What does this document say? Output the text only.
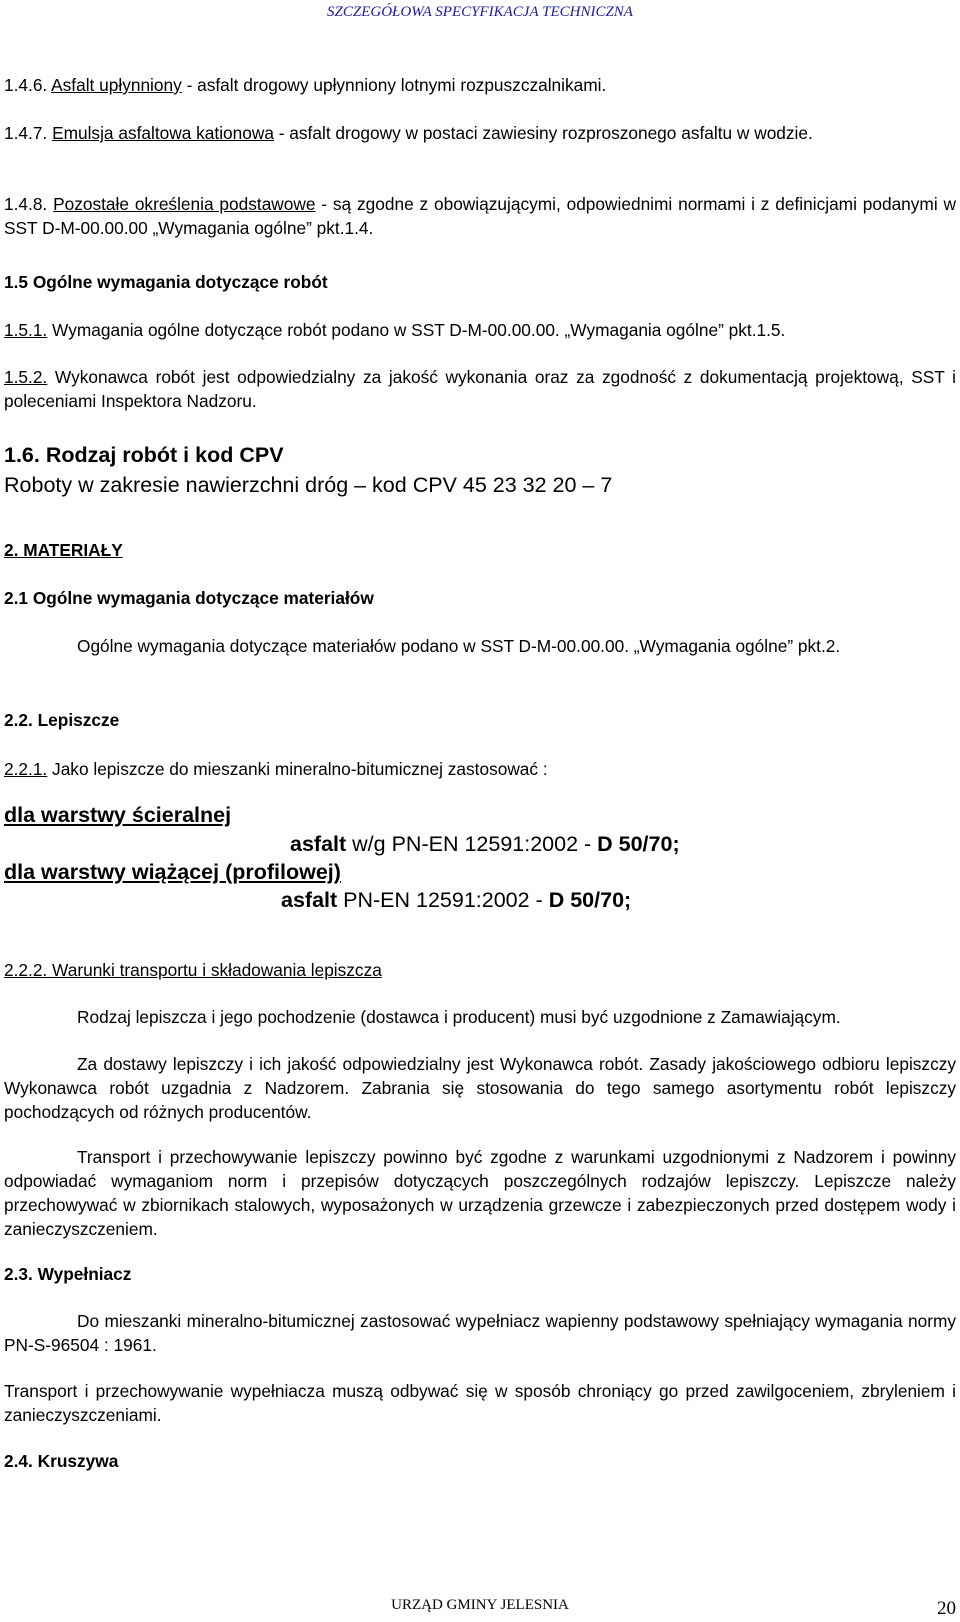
SZCZEGÓŁOWA SPECYFIKACJA TECHNICZNA

1.4.6. Asfalt upłynniony - asfalt drogowy upłynniony lotnymi rozpuszczalnikami.

1.4.7. Emulsja asfaltowa kationowa - asfalt drogowy w postaci zawiesiny rozproszonego asfaltu w wodzie.

1.4.8. Pozostałe określenia podstawowe - są zgodne z obowiązującymi, odpowiednimi normami i z definicjami podanymi w SST D-M-00.00.00 „Wymagania ogólne” pkt.1.4.

1.5 Ogólne wymagania dotyczące robót

1.5.1. Wymagania ogólne dotyczące robót podano w SST D-M-00.00.00. „Wymagania ogólne” pkt.1.5.

1.5.2. Wykonawca robót jest odpowiedzialny za jakość wykonania oraz za zgodność z dokumentacją projektową, SST i poleceniami Inspektora Nadzoru.

1.6. Rodzaj robót i kod CPV

Roboty w zakresie nawierzchni dróg – kod CPV 45 23 32 20 – 7

2. MATERIAŁY

2.1 Ogólne wymagania dotyczące materiałów

Ogólne wymagania dotyczące materiałów podano w SST D-M-00.00.00. „Wymagania ogólne” pkt.2.

2.2. Lepiszcze

2.2.1. Jako lepiszcze do mieszanki mineralno-bitumicznej zastosować :

dla warstwy ścieralnej
asfalt w/g PN-EN 12591:2002 - D 50/70;
dla warstwy wiążącej (profilowej)
asfalt PN-EN 12591:2002 - D 50/70;

2.2.2. Warunki transportu i składowania lepiszcza

Rodzaj lepiszcza i jego pochodzenie (dostawca i producent) musi być uzgodnione z Zamawiającym.

Za dostawy lepiszczy i ich jakość odpowiedzialny jest Wykonawca robót. Zasady jakościowego odbioru lepiszczy Wykonawca robót uzgadnia z Nadzorem. Zabrania się stosowania do tego samego asortymentu robót lepiszczy pochodzących od różnych producentów.

Transport i przechowywanie lepiszczy powinno być zgodne z warunkami uzgodnionymi z Nadzorem i powinny odpowiadać wymaganiom norm i przepisów dotyczących poszczególnych rodzajów lepiszczy. Lepiszcze należy przechowywać w zbiornikach stalowych, wyposażonych w urządzenia grzewcze i zabezpieczonych przed dostępem wody i zanieczyszczeniem.

2.3. Wypełniacz

Do mieszanki mineralno-bitumicznej zastosować wypełniacz wapienny podstawowy spełniający wymagania normy PN-S-96504 : 1961.

Transport i przechowywanie wypełniacza muszą odbywać się w sposób chroniący go przed zawilgoceniem, zbryleniem i zanieczyszczeniami.

2.4. Kruszywa

URZĄD GMINY JELESNIA	20
